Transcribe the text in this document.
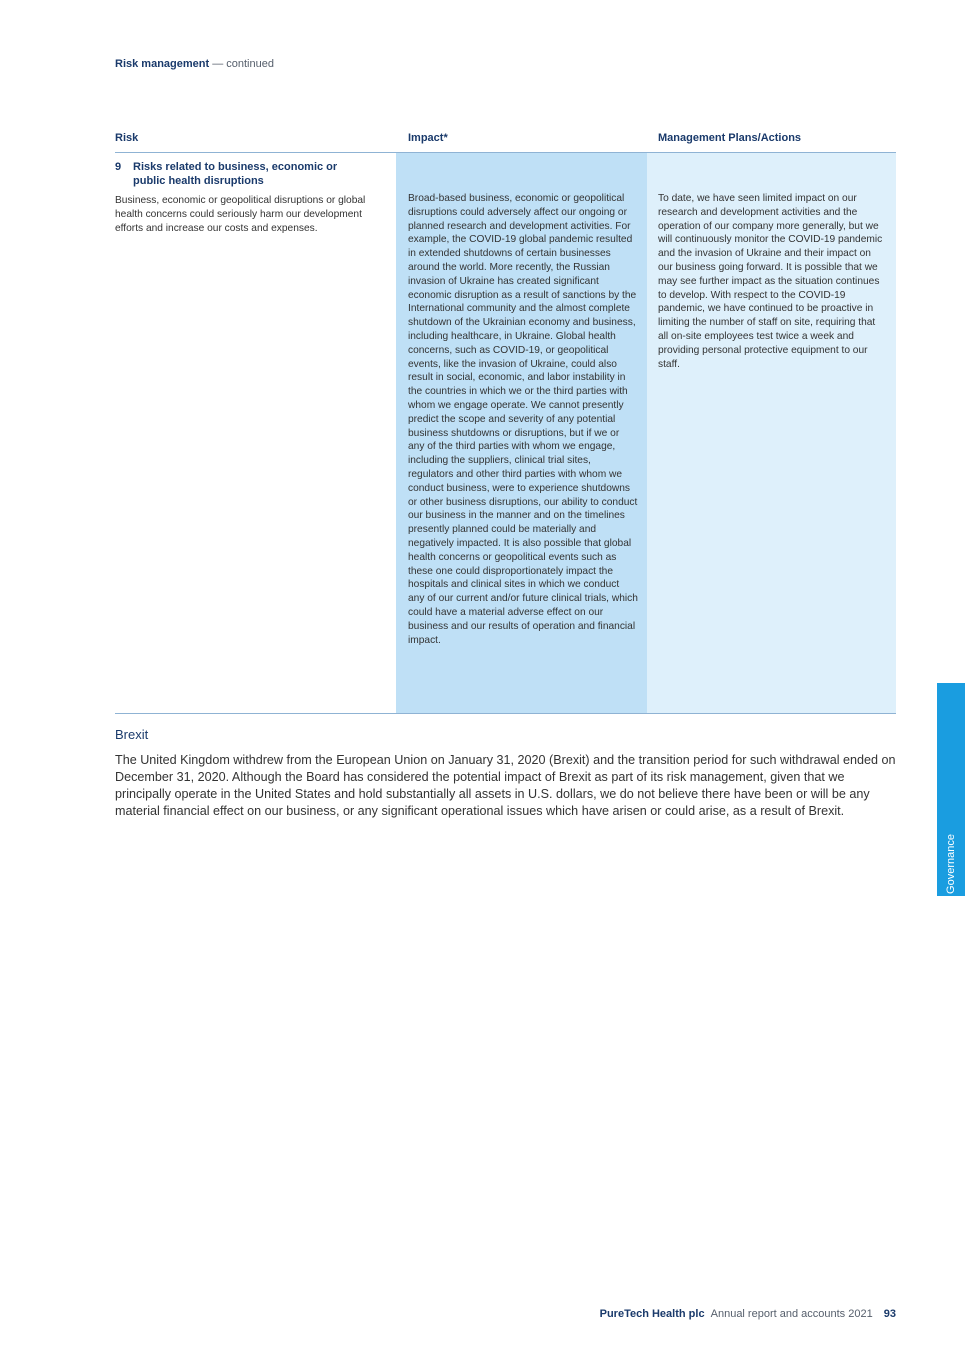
Risk management — continued
Risk	Impact*	Management Plans/Actions
9 Risks related to business, economic or public health disruptions
Business, economic or geopolitical disruptions or global health concerns could seriously harm our development efforts and increase our costs and expenses.
Broad-based business, economic or geopolitical disruptions could adversely affect our ongoing or planned research and development activities. For example, the COVID-19 global pandemic resulted in extended shutdowns of certain businesses around the world. More recently, the Russian invasion of Ukraine has created significant economic disruption as a result of sanctions by the International community and the almost complete shutdown of the Ukrainian economy and business, including healthcare, in Ukraine. Global health concerns, such as COVID-19, or geopolitical events, like the invasion of Ukraine, could also result in social, economic, and labor instability in the countries in which we or the third parties with whom we engage operate. We cannot presently predict the scope and severity of any potential business shutdowns or disruptions, but if we or any of the third parties with whom we engage, including the suppliers, clinical trial sites, regulators and other third parties with whom we conduct business, were to experience shutdowns or other business disruptions, our ability to conduct our business in the manner and on the timelines presently planned could be materially and negatively impacted. It is also possible that global health concerns or geopolitical events such as these one could disproportionately impact the hospitals and clinical sites in which we conduct any of our current and/or future clinical trials, which could have a material adverse effect on our business and our results of operation and financial impact.
To date, we have seen limited impact on our research and development activities and the operation of our company more generally, but we will continuously monitor the COVID-19 pandemic and the invasion of Ukraine and their impact on our business going forward. It is possible that we may see further impact as the situation continues to develop. With respect to the COVID-19 pandemic, we have continued to be proactive in limiting the number of staff on site, requiring that all on-site employees test twice a week and providing personal protective equipment to our staff.
Brexit
The United Kingdom withdrew from the European Union on January 31, 2020 (Brexit) and the transition period for such withdrawal ended on December 31, 2020. Although the Board has considered the potential impact of Brexit as part of its risk management, given that we principally operate in the United States and hold substantially all assets in U.S. dollars, we do not believe there have been or will be any material financial effect on our business, or any significant operational issues which have arisen or could arise, as a result of Brexit.
Governance
PureTech Health plc Annual report and accounts 2021 93
